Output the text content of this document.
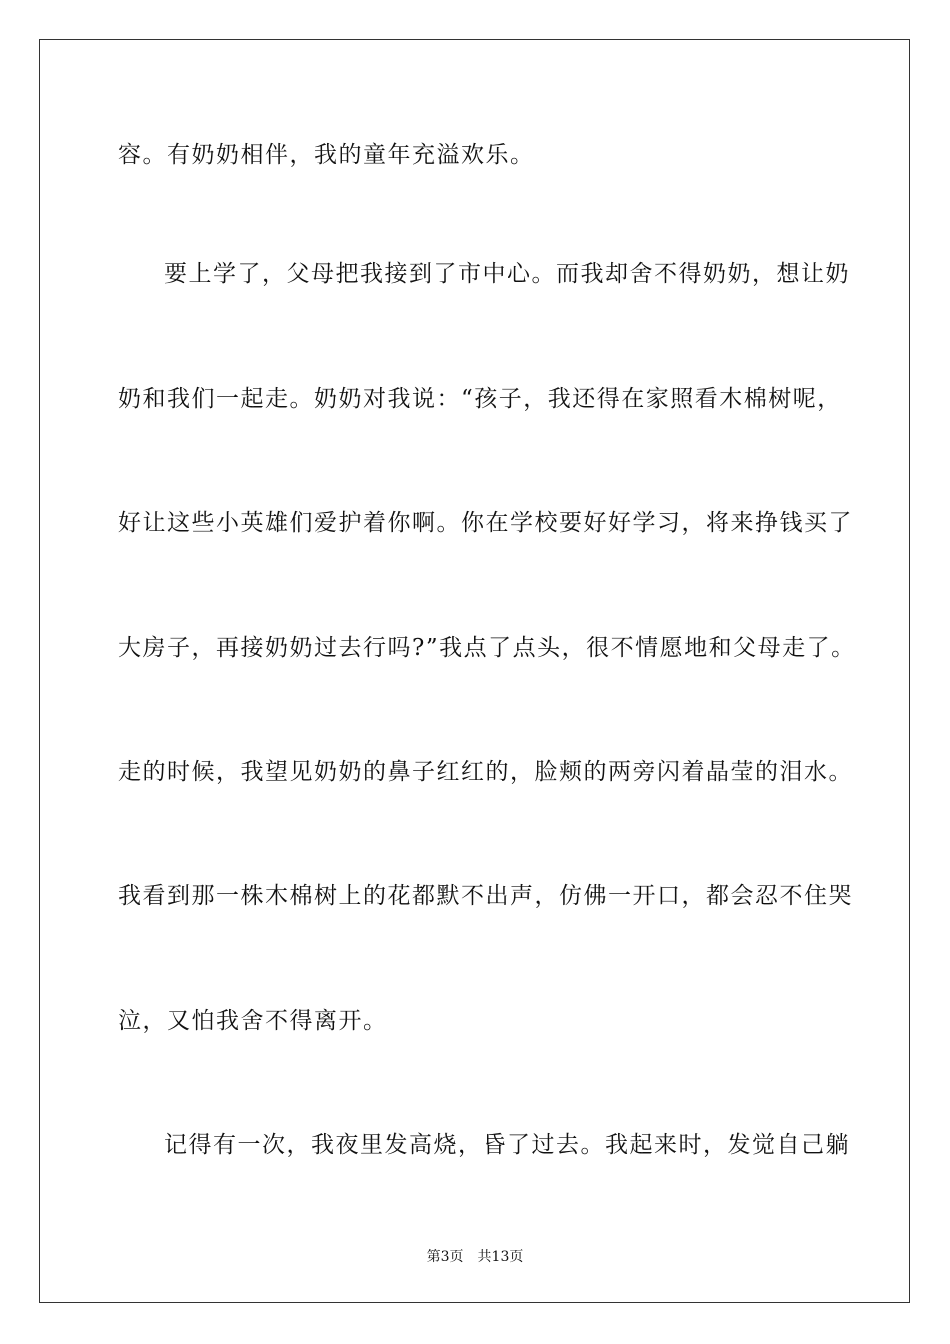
容。有奶奶相伴，我的童年充溢欢乐。
要上学了，父母把我接到了市中心。而我却舍不得奶奶，想让奶
奶和我们一起走。奶奶对我说：“孩子，我还得在家照看木棉树呢，
好让这些小英雄们爱护着你啊。你在学校要好好学习，将来挣钱买了
大房子，再接奶奶过去行吗?”我点了点头，很不情愿地和父母走了。
走的时候，我望见奶奶的鼻子红红的，脸颊的两旁闪着晶莹的泪水。
我看到那一株木棉树上的花都默不出声，仿佛一开口，都会忍不住哭
泣，又怕我舍不得离开。
记得有一次，我夜里发高烧，昏了过去。我起来时，发觉自己躺
第3页 共13页
